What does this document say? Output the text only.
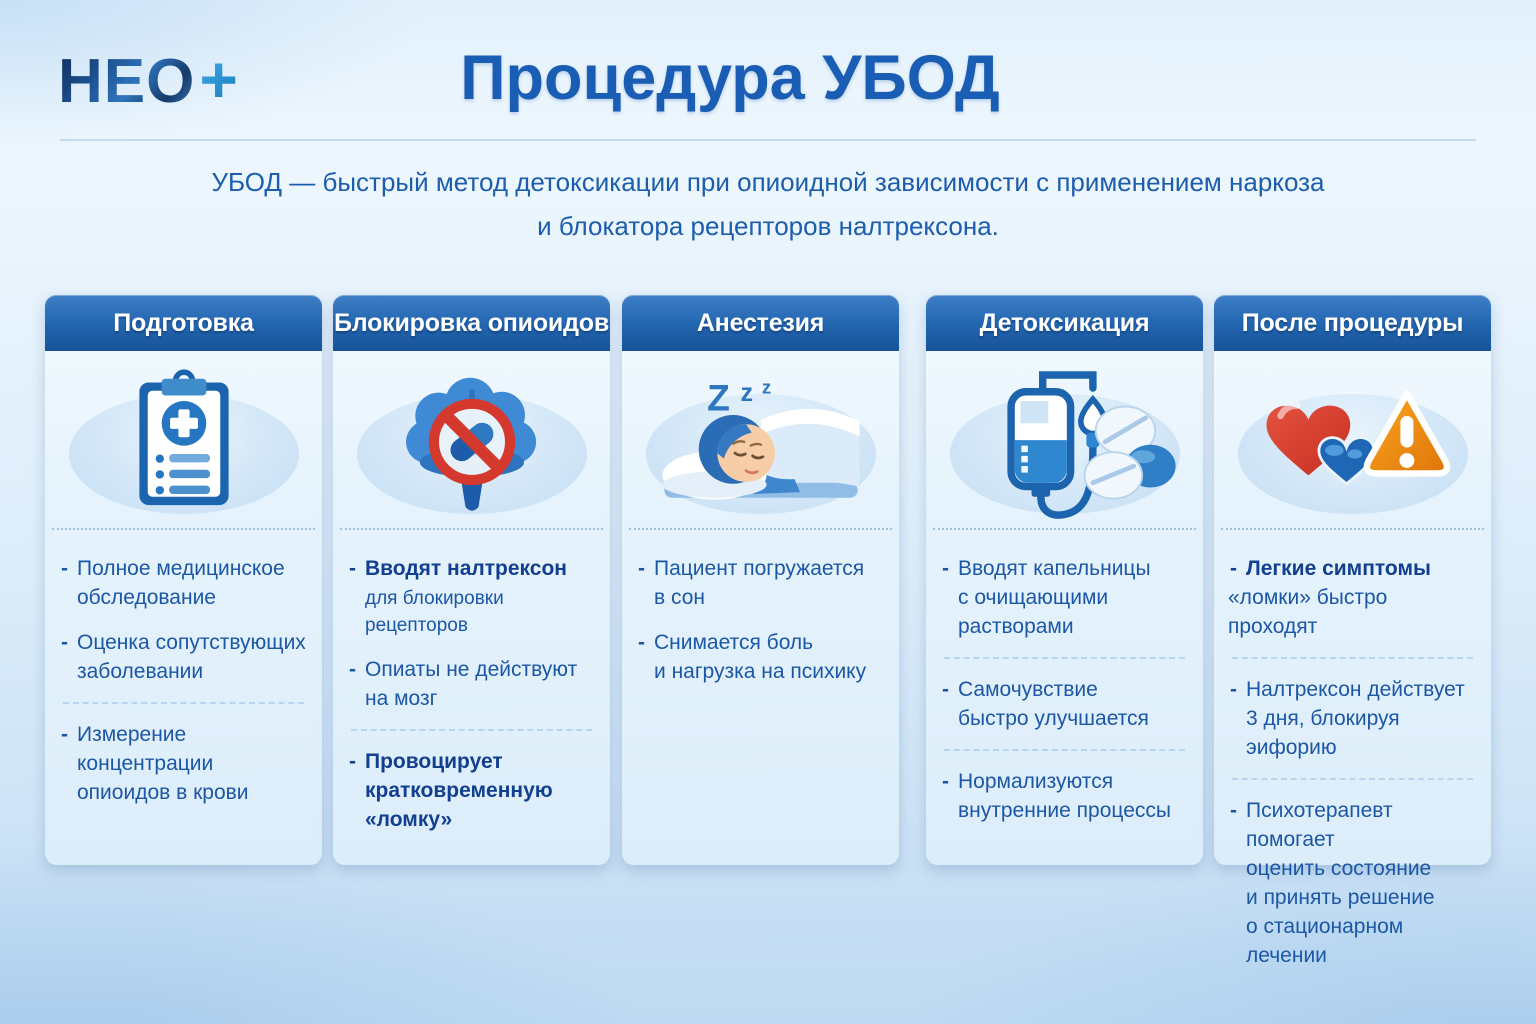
НЕО+	Процедура УБОД
УБОД — быстрый метод детоксикации при опиоидной зависимости с применением наркоза
и блокатора рецепторов налтрексона.
Подготовка
- Полное медицинское
обследование
- Оценка сопутствующих
заболевании
- Измерение концентрации
опиоидов в крови
Блокировка опиоидов
- Вводят налтрексон
для блокировки рецепторов
- Опиаты не действуют
на мозг
- Провоцирует
кратковременную
«ломку»
Анестезия
Z z z
- Пациент погружается
в сон
- Снимается боль
и нагрузка на психику
Детоксикация
- Вводят капельницы
с очищающими
растворами
- Самочувствие
быстро улучшается
- Нормализуются
внутренние процессы
После процедуры
- Легкие симптомы
«ломки» быстро проходят
- Налтрексон действует
3 дня, блокируя эифорию
- Психотерапевт помогает
оценить состояние
и принять решение
о стационарном лечении
